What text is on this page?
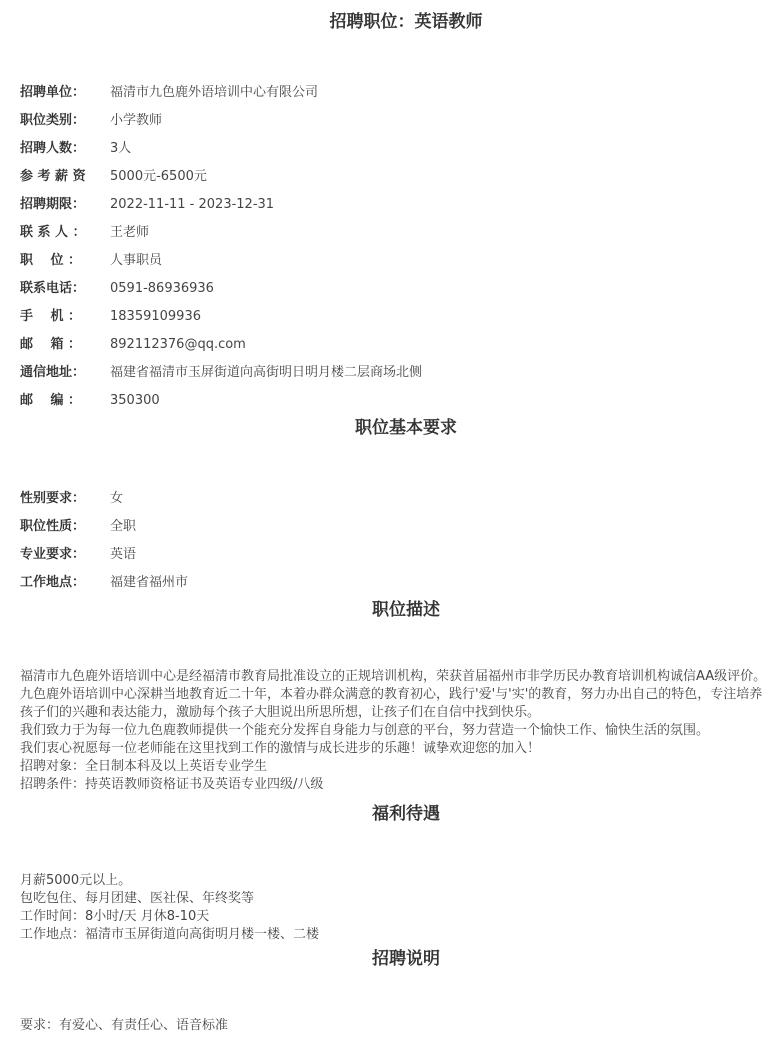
招聘职位：英语教师
招聘单位： 福清市九色鹿外语培训中心有限公司
职位类别： 小学教师
招聘人数： 3人
参 考 薪 资 5000元-6500元
招聘期限： 2022-11-11 - 2023-12-31
联 系 人 ： 王老师
职　 位 ： 人事职员
联系电话： 0591-86936936
手　 机 ： 18359109936
邮　 箱 ： 892112376@qq.com
通信地址： 福建省福清市玉屏街道向高街明日明月楼二层商场北侧
邮　 编 ： 350300
职位基本要求
性别要求： 女
职位性质： 全职
专业要求： 英语
工作地点： 福建省福州市
职位描述

福清市九色鹿外语培训中心是经福清市教育局批准设立的正规培训机构，荣获首届福州市非学历民办教育培训机构诚信AA级评价。九色鹿外语培训中心深耕当地教育近二十年，本着办群众满意的教育初心，践行'爱'与'实'的教育，努力办出自己的特色，专注培养孩子们的兴趣和表达能力，激励每个孩子大胆说出所思所想，让孩子们在自信中找到快乐。

我们致力于为每一位九色鹿教师提供一个能充分发挥自身能力与创意的平台，努力营造一个愉快工作、愉快生活的氛围。

我们衷心祝愿每一位老师能在这里找到工作的激情与成长进步的乐趣！诚挚欢迎您的加入！

招聘对象：全日制本科及以上英语专业学生

招聘条件：持英语教师资格证书及英语专业四级/八级

福利待遇

月薪5000元以上。

包吃包住、每月团建、医社保、年终奖等

工作时间：8小时/天 月休8-10天

工作地点：福清市玉屏街道向高街明月楼一楼、二楼

招聘说明

要求：有爱心、有责任心、语音标准
